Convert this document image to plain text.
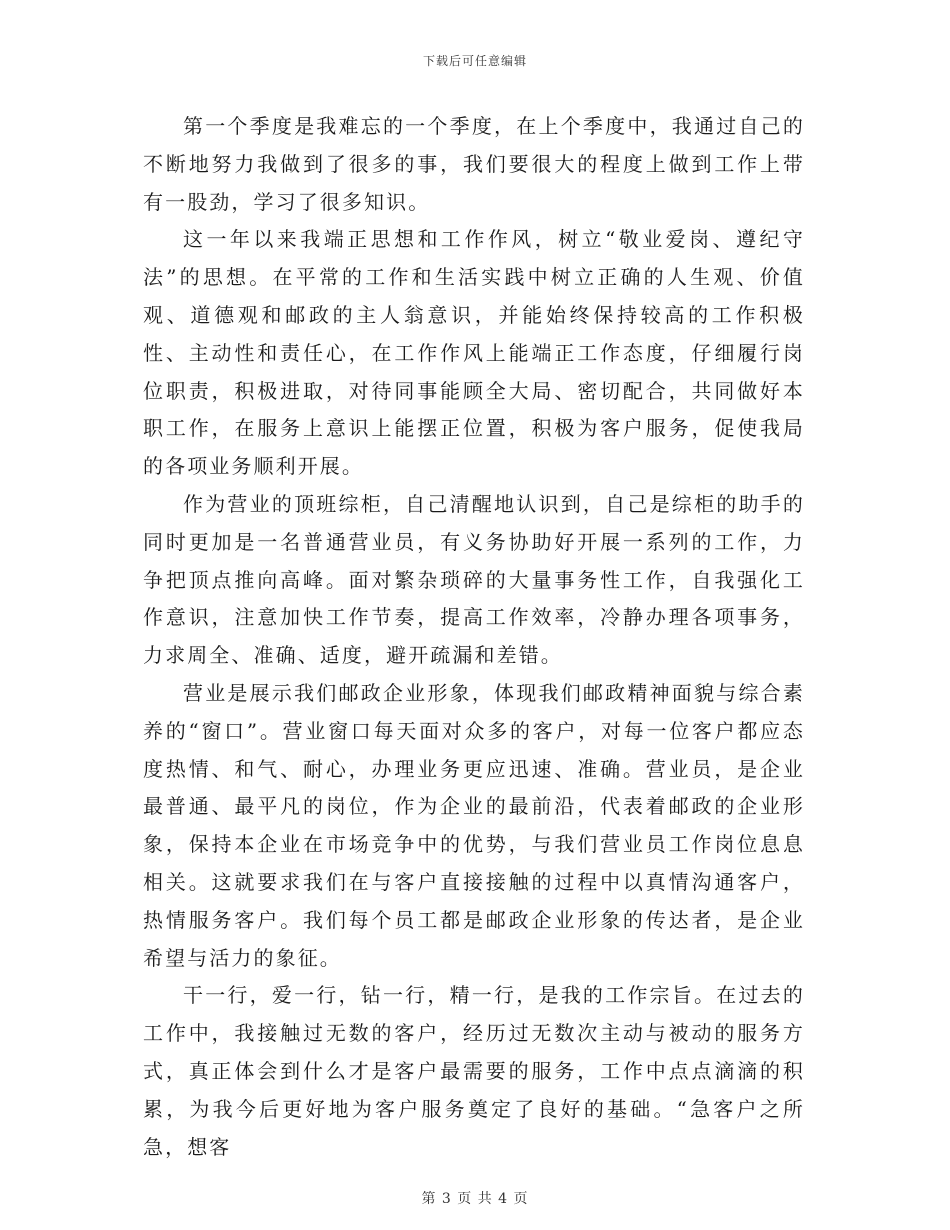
下载后可任意编辑

第一个季度是我难忘的一个季度，在上个季度中，我通过自己的不断地努力我做到了很多的事，我们要很大的程度上做到工作上带有一股劲，学习了很多知识。

这一年以来我端正思想和工作作风，树立“敬业爱岗、遵纪守法”的思想。在平常的工作和生活实践中树立正确的人生观、价值观、道德观和邮政的主人翁意识，并能始终保持较高的工作积极性、主动性和责任心，在工作作风上能端正工作态度，仔细履行岗位职责，积极进取，对待同事能顾全大局、密切配合，共同做好本职工作，在服务上意识上能摆正位置，积极为客户服务，促使我局的各项业务顺利开展。

作为营业的顶班综柜，自己清醒地认识到，自己是综柜的助手的同时更加是一名普通营业员，有义务协助好开展一系列的工作，力争把顶点推向高峰。面对繁杂琐碎的大量事务性工作，自我强化工作意识，注意加快工作节奏，提高工作效率，冷静办理各项事务，力求周全、准确、适度，避开疏漏和差错。

营业是展示我们邮政企业形象，体现我们邮政精神面貌与综合素养的“窗口”。营业窗口每天面对众多的客户，对每一位客户都应态度热情、和气、耐心，办理业务更应迅速、准确。营业员，是企业最普通、最平凡的岗位，作为企业的最前沿，代表着邮政的企业形象，保持本企业在市场竞争中的优势，与我们营业员工作岗位息息相关。这就要求我们在与客户直接接触的过程中以真情沟通客户，热情服务客户。我们每个员工都是邮政企业形象的传达者，是企业希望与活力的象征。

干一行，爱一行，钻一行，精一行，是我的工作宗旨。在过去的工作中，我接触过无数的客户，经历过无数次主动与被动的服务方式，真正体会到什么才是客户最需要的服务，工作中点点滴滴的积累，为我今后更好地为客户服务奠定了良好的基础。“急客户之所急，想客

第 3 页 共 4 页
